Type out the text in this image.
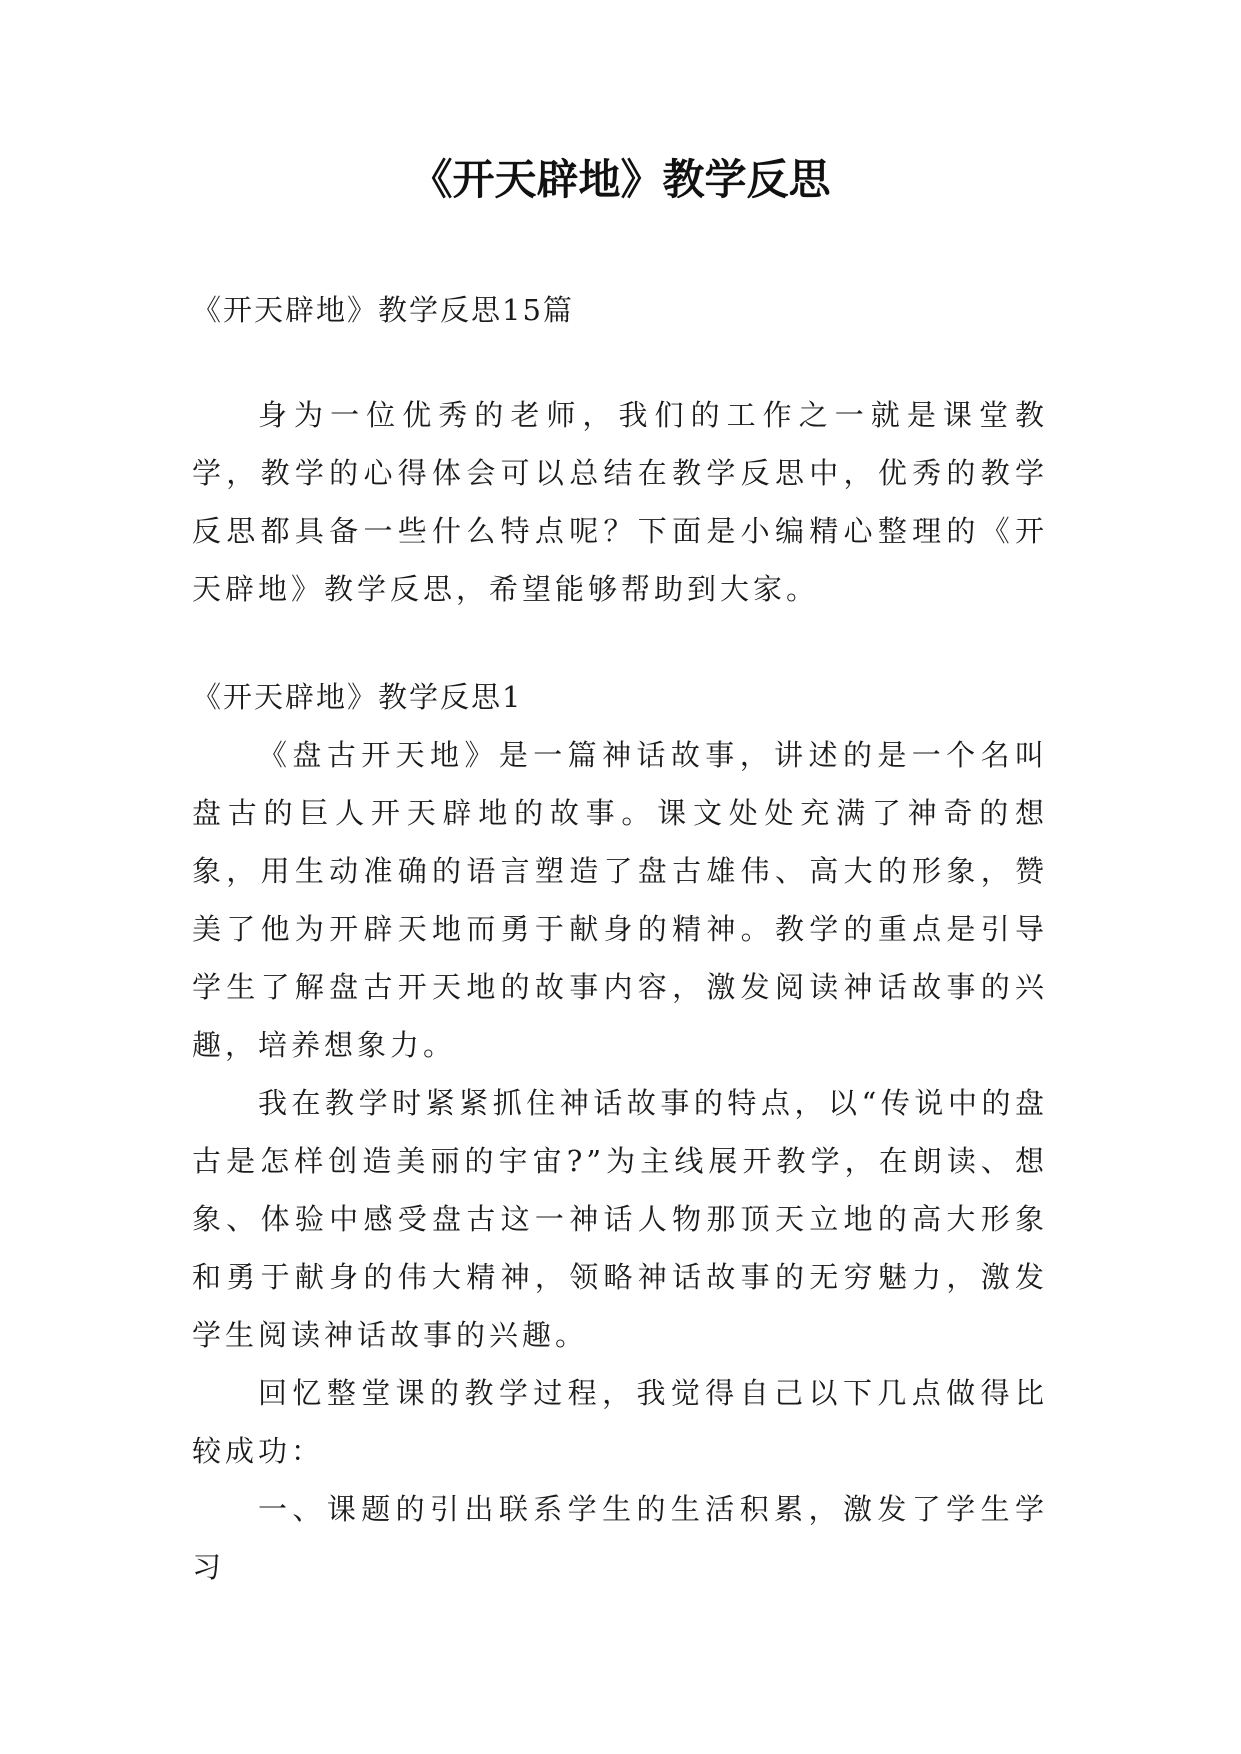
《开天辟地》教学反思

《开天辟地》教学反思15篇

身为一位优秀的老师，我们的工作之一就是课堂教学，教学的心得体会可以总结在教学反思中，优秀的教学反思都具备一些什么特点呢？下面是小编精心整理的《开天辟地》教学反思，希望能够帮助到大家。

《开天辟地》教学反思1

《盘古开天地》是一篇神话故事，讲述的是一个名叫盘古的巨人开天辟地的故事。课文处处充满了神奇的想象，用生动准确的语言塑造了盘古雄伟、高大的形象，赞美了他为开辟天地而勇于献身的精神。教学的重点是引导学生了解盘古开天地的故事内容，激发阅读神话故事的兴趣，培养想象力。

我在教学时紧紧抓住神话故事的特点，以“传说中的盘古是怎样创造美丽的宇宙?”为主线展开教学，在朗读、想象、体验中感受盘古这一神话人物那顶天立地的高大形象和勇于献身的伟大精神，领略神话故事的无穷魅力，激发学生阅读神话故事的兴趣。

回忆整堂课的教学过程，我觉得自己以下几点做得比较成功：

一、课题的引出联系学生的生活积累，激发了学生学习
